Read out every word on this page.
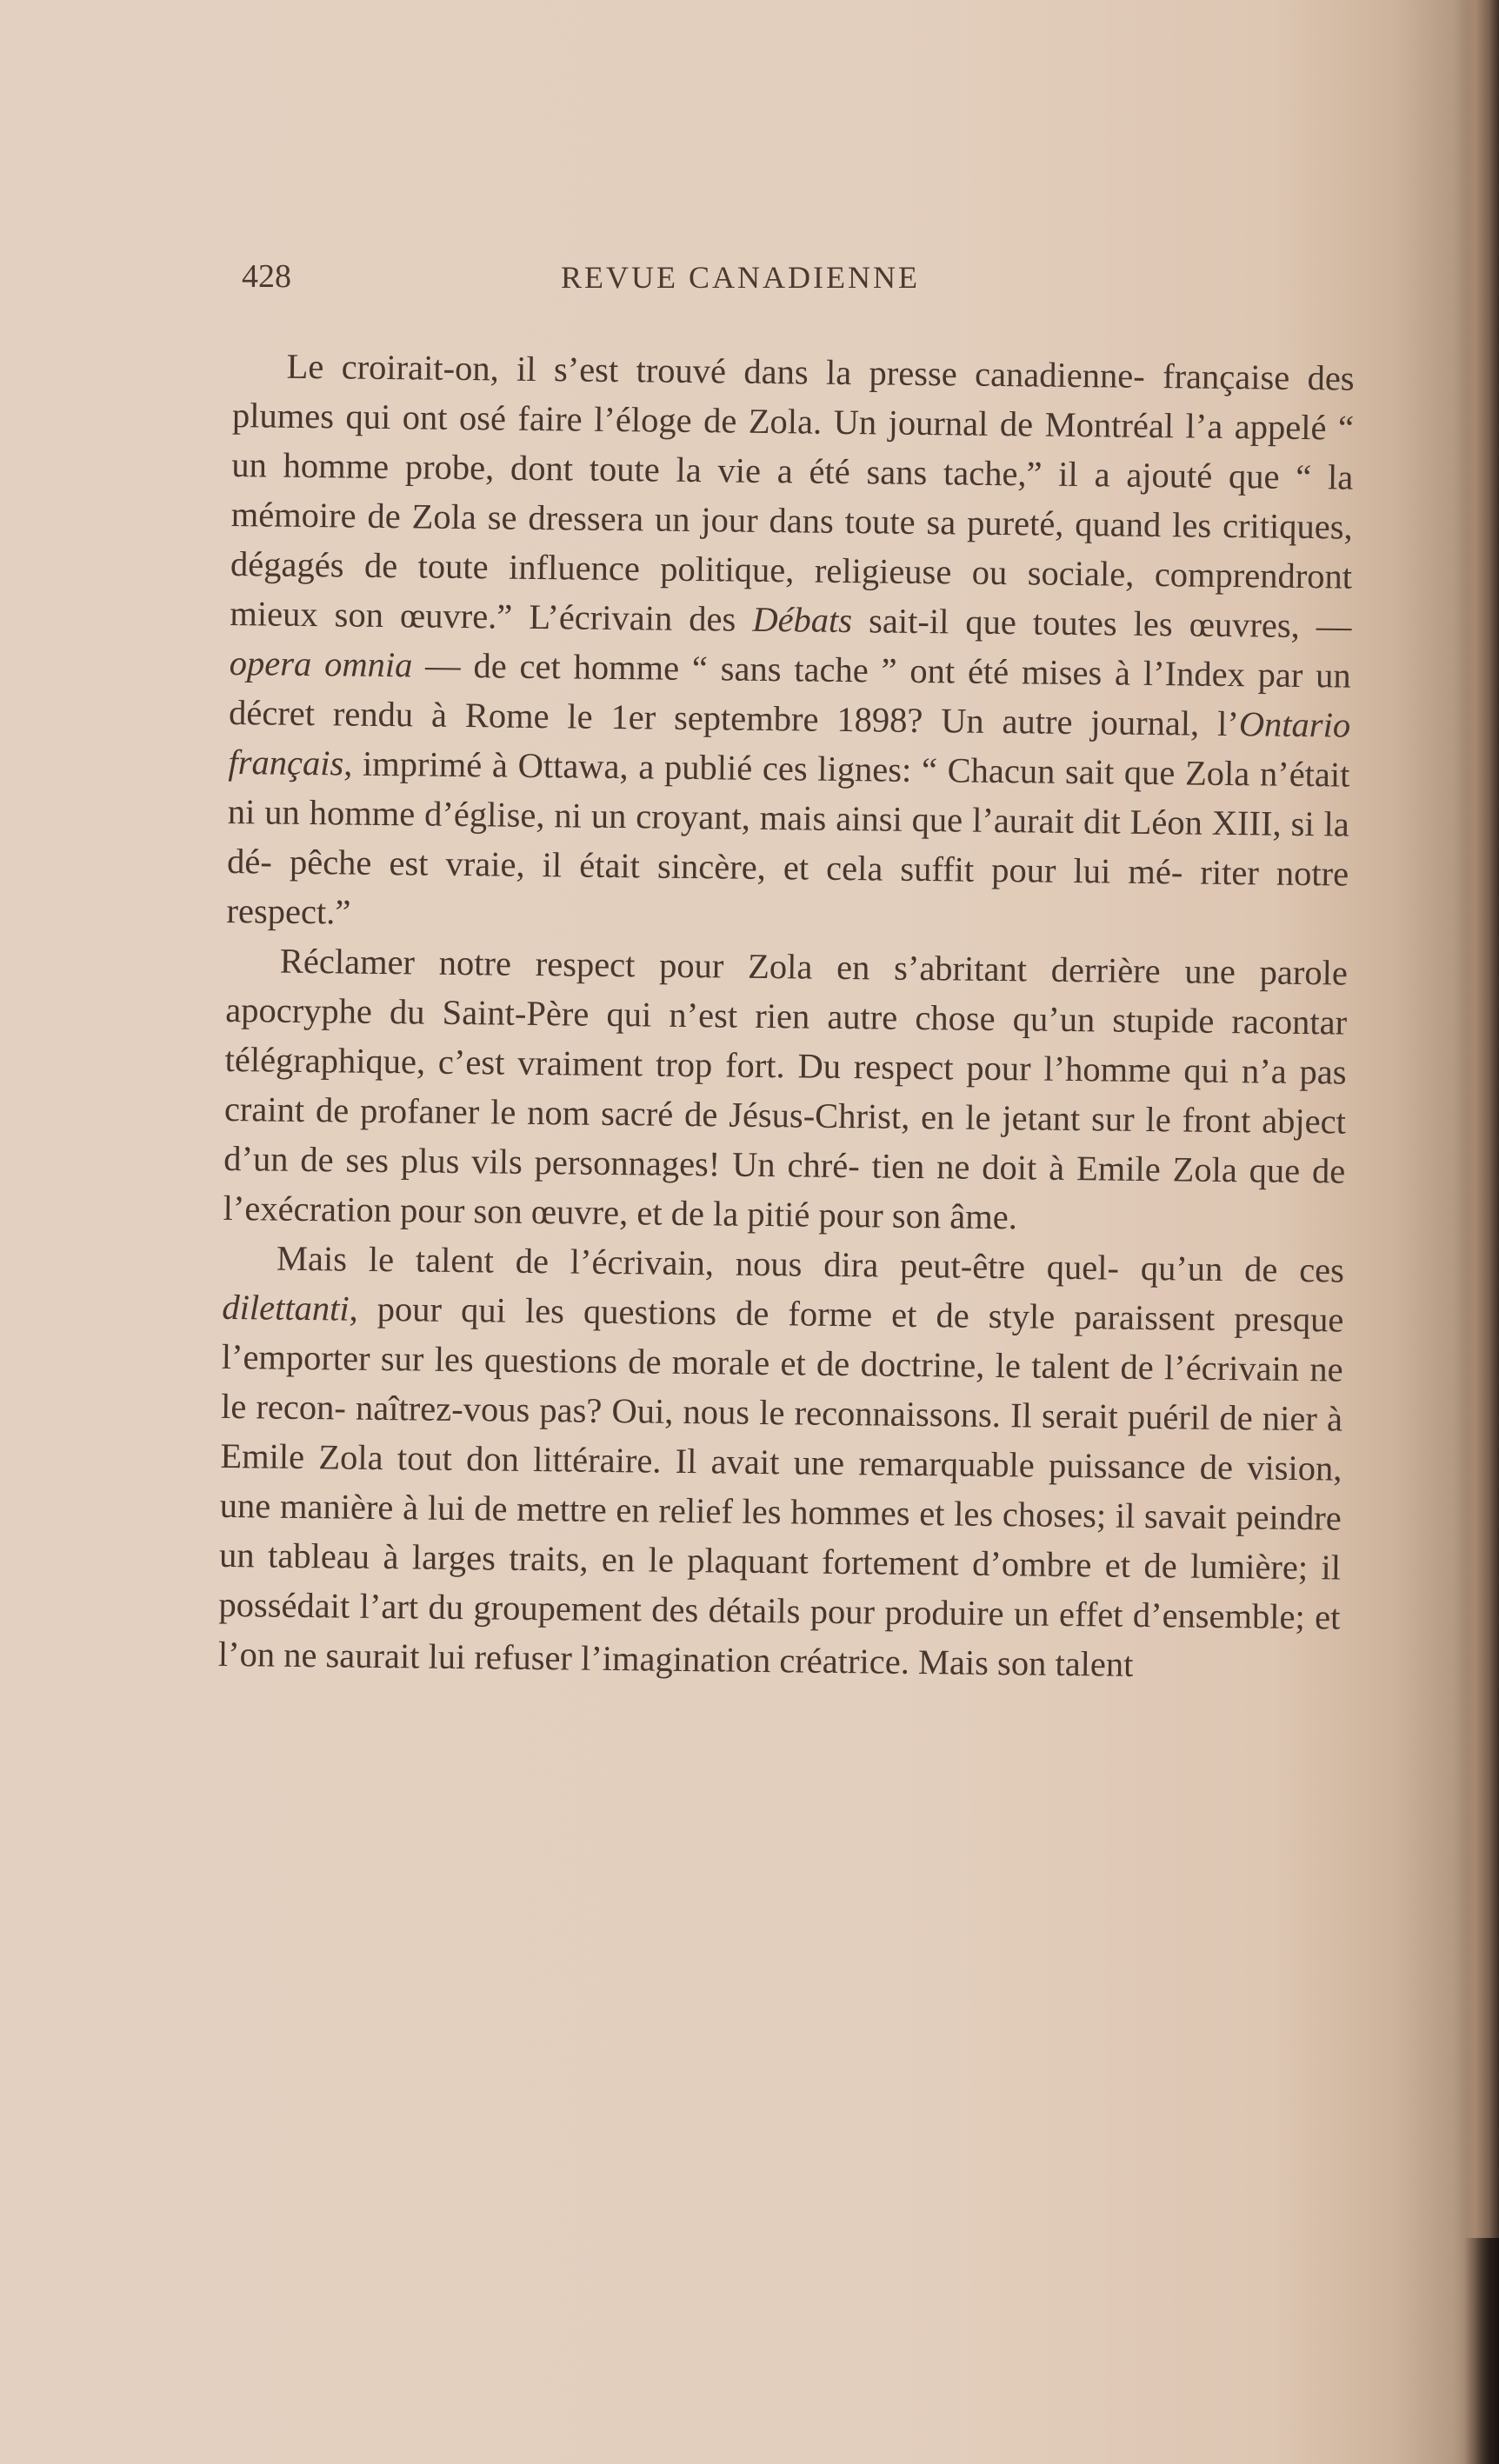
428	REVUE CANADIENNE

Le croirait-on, il s’est trouvé dans la presse canadienne- française des plumes qui ont osé faire l’éloge de Zola. Un journal de Montréal l’a appelé “ un homme probe, dont toute la vie a été sans tache,” il a ajouté que “ la mémoire de Zola se dressera un jour dans toute sa pureté, quand les critiques, dégagés de toute influence politique, religieuse ou sociale, comprendront mieux son œuvre.” L’écrivain des Débats sait-il que toutes les œuvres, — opera omnia — de cet homme “ sans tache ” ont été mises à l’Index par un décret rendu à Rome le 1er septembre 1898? Un autre journal, l’Ontario français, imprimé à Ottawa, a publié ces lignes: “ Chacun sait que Zola n’était ni un homme d’église, ni un croyant, mais ainsi que l’aurait dit Léon XIII, si la dé- pêche est vraie, il était sincère, et cela suffit pour lui mé- riter notre respect.”

Réclamer notre respect pour Zola en s’abritant derrière une parole apocryphe du Saint-Père qui n’est rien autre chose qu’un stupide racontar télégraphique, c’est vraiment trop fort. Du respect pour l’homme qui n’a pas craint de profaner le nom sacré de Jésus-Christ, en le jetant sur le front abject d’un de ses plus vils personnages! Un chré- tien ne doit à Emile Zola que de l’exécration pour son œuvre, et de la pitié pour son âme.

Mais le talent de l’écrivain, nous dira peut-être quel- qu’un de ces dilettanti, pour qui les questions de forme et de style paraissent presque l’emporter sur les questions de morale et de doctrine, le talent de l’écrivain ne le recon- naîtrez-vous pas? Oui, nous le reconnaissons. Il serait puéril de nier à Emile Zola tout don littéraire. Il avait une remarquable puissance de vision, une manière à lui de mettre en relief les hommes et les choses; il savait peindre un tableau à larges traits, en le plaquant fortement d’ombre et de lumière; il possédait l’art du groupement des détails pour produire un effet d’ensemble; et l’on ne saurait lui refuser l’imagination créatrice. Mais son talent
